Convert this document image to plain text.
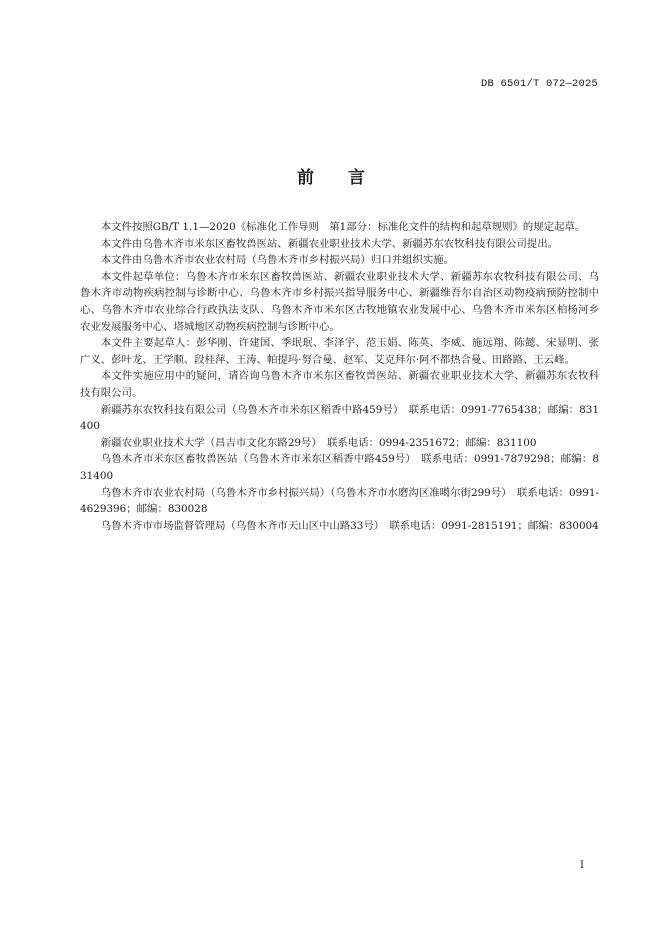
DB 6501/T 072—2025
前言

本文件按照GB/T 1.1—2020《标准化工作导则　第1部分：标准化文件的结构和起草规则》的规定起草。

本文件由乌鲁木齐市米东区畜牧兽医站、新疆农业职业技术大学、新疆苏东农牧科技有限公司提出。

本文件由乌鲁木齐市农业农村局（乌鲁木齐市乡村振兴局）归口并组织实施。

本文件起草单位：乌鲁木齐市米东区畜牧兽医站、新疆农业职业技术大学、新疆苏东农牧科技有限公司、乌鲁木齐市动物疾病控制与诊断中心、乌鲁木齐市乡村振兴指导服务中心、新疆维吾尔自治区动物疫病预防控制中心、乌鲁木齐市农业综合行政执法支队、乌鲁木齐市米东区古牧地镇农业发展中心、乌鲁木齐市米东区柏杨河乡农业发展服务中心、塔城地区动物疾病控制与诊断中心。

本文件主要起草人：彭华刚、许建国、季珉珉、李泽宇、范玉娟、陈英、李威、施远翔、陈懿、宋显明、张广义、彭叶龙、王学顺、段桂萍、王涛、帕提玛·努合曼、赵军、艾克拜尔·阿不都热合曼、田路路、王云峰。

本文件实施应用中的疑问，请咨询乌鲁木齐市米东区畜牧兽医站、新疆农业职业技术大学、新疆苏东农牧科技有限公司。

新疆苏东农牧科技有限公司（乌鲁木齐市米东区稻香中路459号）　联系电话：0991-7765438；邮编：831400

新疆农业职业技术大学（昌吉市文化东路29号）　联系电话：0994-2351672；邮编：831100

乌鲁木齐市米东区畜牧兽医站（乌鲁木齐市米东区稻香中路459号）　联系电话：0991-7879298；邮编：831400

乌鲁木齐市农业农村局（乌鲁木齐市乡村振兴局）（乌鲁木齐市水磨沟区准噶尔街299号）　联系电话：0991-4629396；邮编：830028

乌鲁木齐市市场监督管理局（乌鲁木齐市天山区中山路33号）　联系电话：0991-2815191；邮编：830004

I
